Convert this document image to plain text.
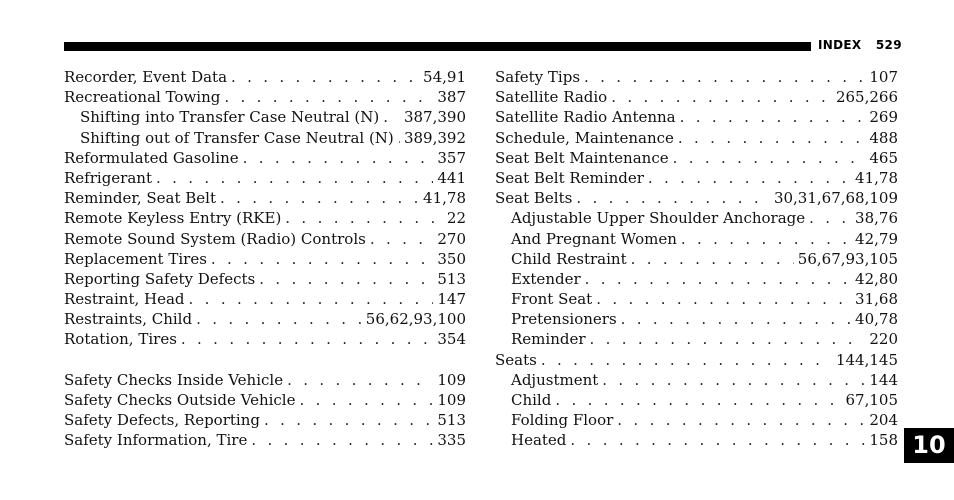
INDEX 529
Recorder, Event Data . . .	54,91
Recreational Towing . . .	387
Shifting into Transfer Case Neutral (N) . . . 387,390
Shifting out of Transfer Case Neutral (N) . . . 389,392
Reformulated Gasoline . . .	357
Refrigerant . . .	441
Reminder, Seat Belt . . .	41,78
Remote Keyless Entry (RKE) . . .	22
Remote Sound System (Radio) Controls . . .	270
Replacement Tires . . .	350
Reporting Safety Defects . . .	513
Restraint, Head . . .	147
Restraints, Child . . .	56,62,93,100
Rotation, Tires . . .	354
Safety Checks Inside Vehicle . . .	109
Safety Checks Outside Vehicle . . .	109
Safety Defects, Reporting . . .	513
Safety Information, Tire . . .	335
Safety Tips . . .	107
Satellite Radio . . .	265,266
Satellite Radio Antenna . . .	269
Schedule, Maintenance . . .	488
Seat Belt Maintenance . . .	465
Seat Belt Reminder . . .	41,78
Seat Belts . . .	30,31,67,68,109
Adjustable Upper Shoulder Anchorage . . .	38,76
And Pregnant Women . . .	42,79
Child Restraint . . .	56,67,93,105
Extender . . .	42,80
Front Seat . . .	31,68
Pretensioners . . .	40,78
Reminder . . .	220
Seats . . .	144,145
Adjustment . . .	144
Child . . .	67,105
Folding Floor . . .	204
Heated . . .	158 10
